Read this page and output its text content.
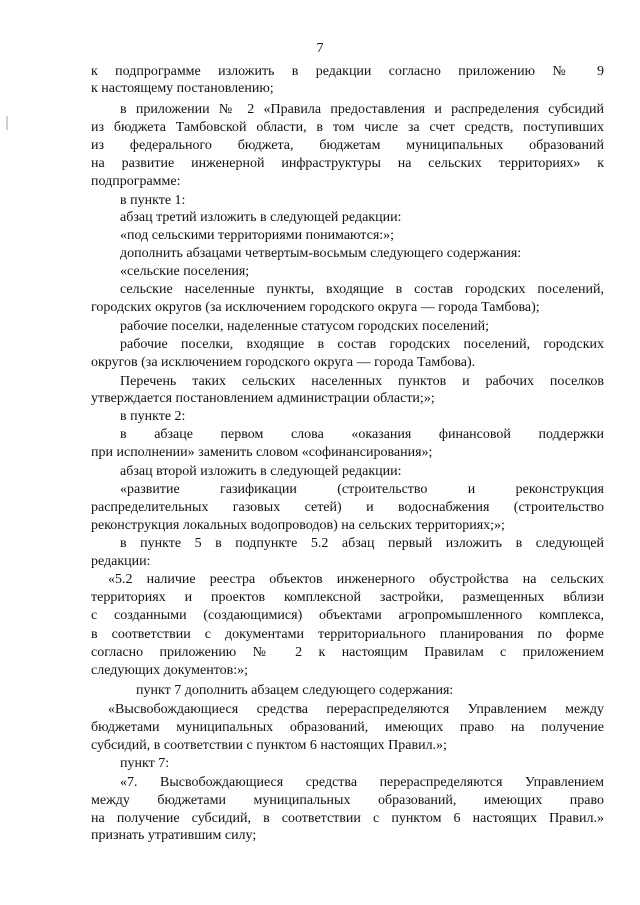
7
к подпрограмме изложить в редакции согласно приложению № 9
к настоящему постановлению;
в приложении № 2 «Правила предоставления и распределения субсидий
из бюджета Тамбовской области, в том числе за счет средств, поступивших
из федерального бюджета, бюджетам муниципальных образований
на развитие инженерной инфраструктуры на сельских территориях» к
подпрограмме:
в пункте 1:
абзац третий изложить в следующей редакции:
«под сельскими территориями понимаются:»;
дополнить абзацами четвертым-восьмым следующего содержания:
«сельские поселения;
сельские населенные пункты, входящие в состав городских поселений,
городских округов (за исключением городского округа — города Тамбова);
рабочие поселки, наделенные статусом городских поселений;
рабочие поселки, входящие в состав городских поселений, городских
округов (за исключением городского округа — города Тамбова).
Перечень таких сельских населенных пунктов и рабочих поселков
утверждается постановлением администрации области;»;
в пункте 2:
в абзаце первом слова «оказания финансовой поддержки
при исполнении» заменить словом «софинансирования»;
абзац второй изложить в следующей редакции:
«развитие газификации (строительство и реконструкция
распределительных газовых сетей) и водоснабжения (строительство
реконструкция локальных водопроводов) на сельских территориях;»;
в пункте 5 в подпункте 5.2 абзац первый изложить в следующей
редакции:
«5.2 наличие реестра объектов инженерного обустройства на сельских
территориях и проектов комплексной застройки, размещенных вблизи
с созданными (создающимися) объектами агропромышленного комплекса,
в соответствии с документами территориального планирования по форме
согласно приложению № 2 к настоящим Правилам с приложением
следующих документов:»;
пункт 7 дополнить абзацем следующего содержания:
«Высвобождающиеся средства перераспределяются Управлением между
бюджетами муниципальных образований, имеющих право на получение
субсидий, в соответствии с пунктом 6 настоящих Правил.»;
пункт 7:
«7. Высвобождающиеся средства перераспределяются Управлением
между бюджетами муниципальных образований, имеющих право
на получение субсидий, в соответствии с пунктом 6 настоящих Правил.»
признать утратившим силу;
